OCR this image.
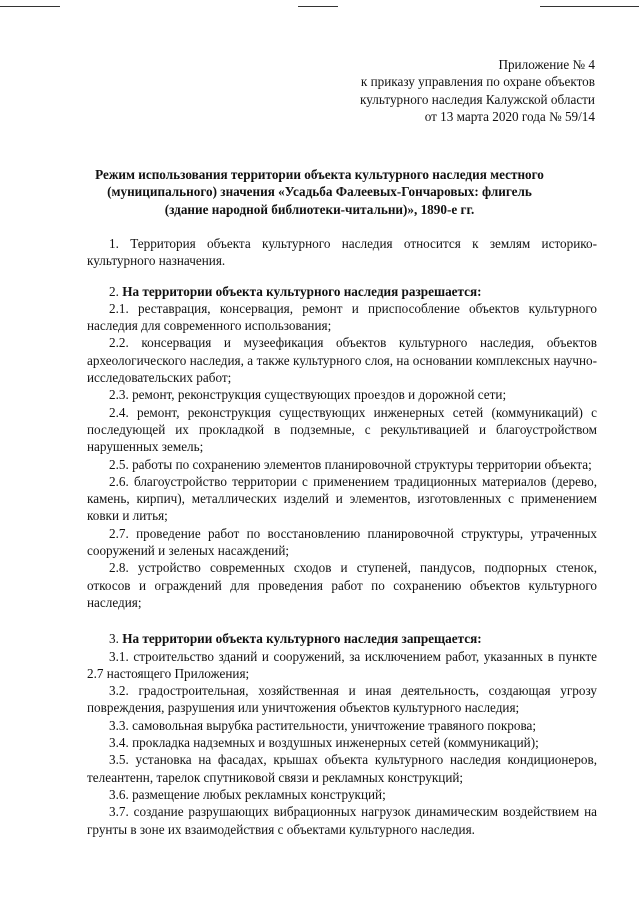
Приложение № 4
к приказу управления по охране объектов
культурного наследия Калужской области
от 13 марта 2020 года № 59/14
Режим использования территории объекта культурного наследия местного
(муниципального) значения «Усадьба Фалеевых-Гончаровых: флигель
(здание народной библиотеки-читальни)», 1890-е гг.

1. Территория объекта культурного наследия относится к землям историко-культурного назначения.

2. На территории объекта культурного наследия разрешается:

2.1. реставрация, консервация, ремонт и приспособление объектов культурного наследия для современного использования;

2.2. консервация и музеефикация объектов культурного наследия, объектов археологического наследия, а также культурного слоя, на основании комплексных научно-исследовательских работ;

2.3. ремонт, реконструкция существующих проездов и дорожной сети;

2.4. ремонт, реконструкция существующих инженерных сетей (коммуникаций) с последующей их прокладкой в подземные, с рекультивацией и благоустройством нарушенных земель;

2.5. работы по сохранению элементов планировочной структуры территории объекта;

2.6. благоустройство территории с применением традиционных материалов (дерево, камень, кирпич), металлических изделий и элементов, изготовленных с применением ковки и литья;

2.7. проведение работ по восстановлению планировочной структуры, утраченных сооружений и зеленых насаждений;

2.8. устройство современных сходов и ступеней, пандусов, подпорных стенок, откосов и ограждений для проведения работ по сохранению объектов культурного наследия;

3. На территории объекта культурного наследия запрещается:

3.1. строительство зданий и сооружений, за исключением работ, указанных в пункте 2.7 настоящего Приложения;

3.2. градостроительная, хозяйственная и иная деятельность, создающая угрозу повреждения, разрушения или уничтожения объектов культурного наследия;

3.3. самовольная вырубка растительности, уничтожение травяного покрова;

3.4. прокладка надземных и воздушных инженерных сетей (коммуникаций);

3.5. установка на фасадах, крышах объекта культурного наследия кондиционеров, телеантенн, тарелок спутниковой связи и рекламных конструкций;

3.6. размещение любых рекламных конструкций;

3.7. создание разрушающих вибрационных нагрузок динамическим воздействием на грунты в зоне их взаимодействия с объектами культурного наследия.
